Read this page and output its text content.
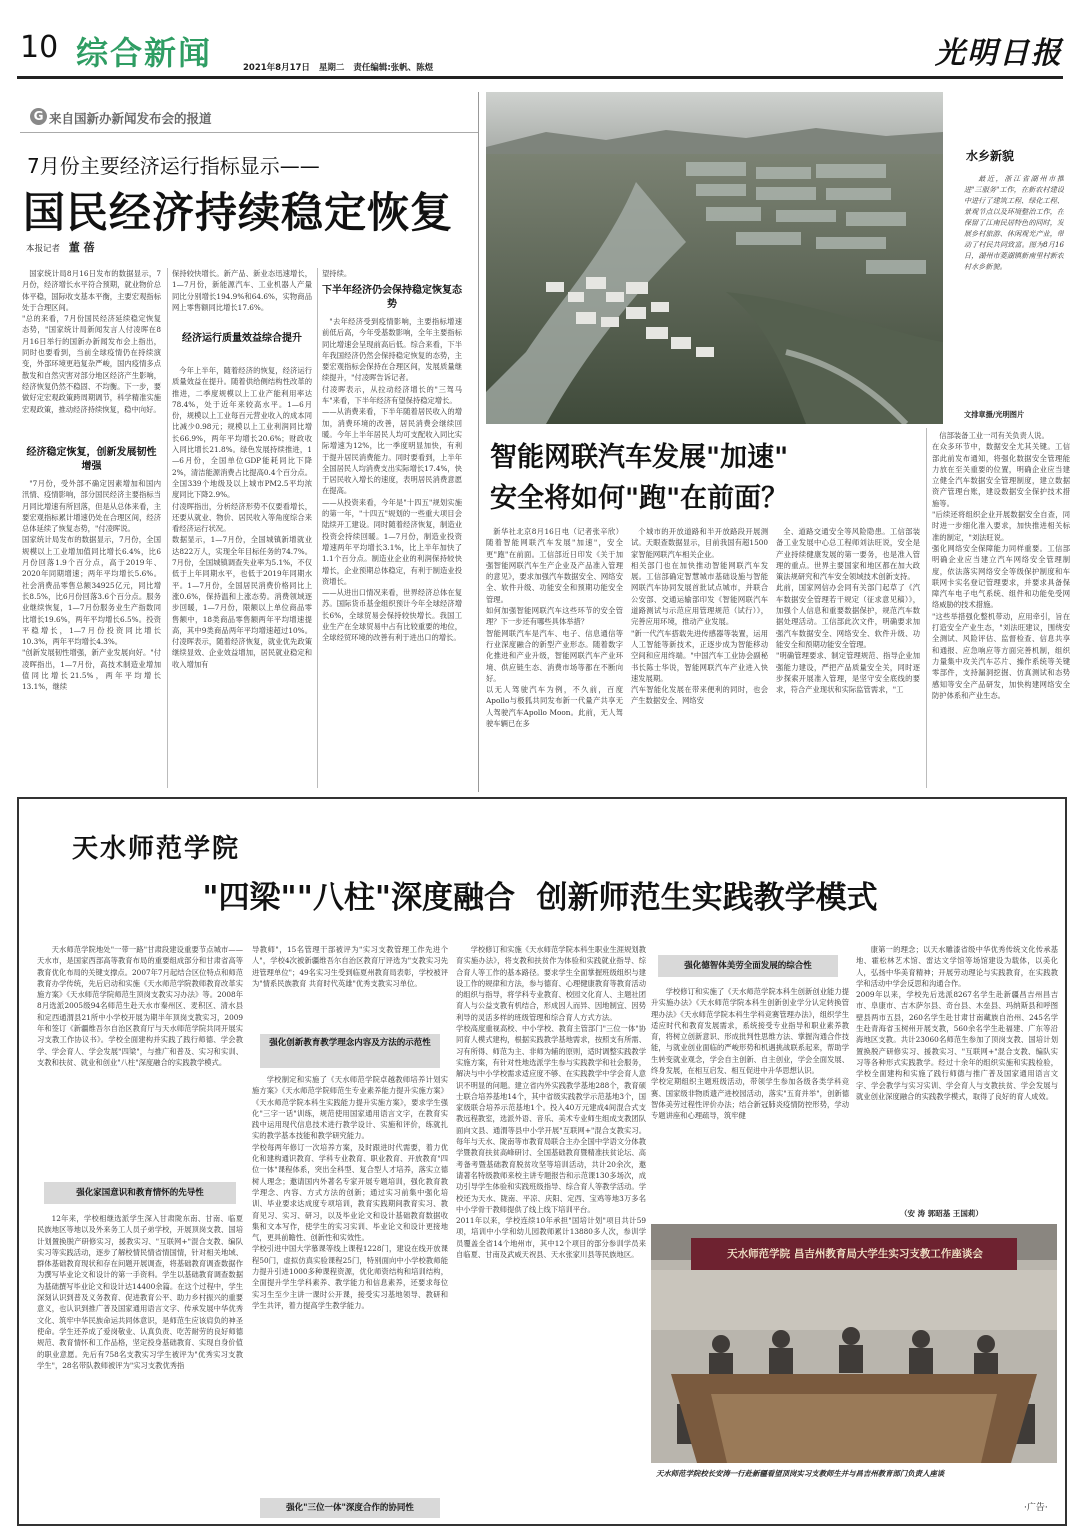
10 综合新闻	2021年8月17日 星期二 责任编辑:张帆、陈煜	光明日报
G 来自国新办新闻发布会的报道
7月份主要经济运行指标显示——
国民经济持续稳定恢复
本报记者 董 蓓
国家统计局8月16日发布的数据显示，7月份，经济增长水平符合预期，就业物价总体平稳，国际收支基本平衡，主要宏观指标处于合理区间。
"总的来看，7月份国民经济延续稳定恢复态势，"国家统计局新闻发言人付凌晖在8月16日举行的国新办新闻发布会上指出，同时也要看到，当前全球疫情仍在持续演变，外部环境更趋复杂严峻，国内疫情多点散发和自然灾害对部分地区经济产生影响，经济恢复仍然不稳固、不均衡。下一步，要做好定宏观政策跨周期调节，科学精准实施宏观政策，推动经济持续恢复，稳中向好。
经济稳定恢复，创新发展韧性增强
"7月份，受外部不确定因素增加和国内汛情、疫情影响，部分国民经济主要指标当月同比增速有所回落，但是从总体来看，主要宏观指标累计增速仍处在合理区间，经济总体延续了恢复态势，"付凌晖说。
国家统计局发布的数据显示，7月份，全国规模以上工业增加值同比增长6.4%，比6月份回落1.9个百分点，高于2019年、2020年同期增速；两年平均增长5.6%。社会消费品零售总额34925亿元，同比增长8.5%，比6月份回落3.6个百分点。服务业继续恢复，1—7月份服务业生产指数同比增长19.6%，两年平均增长6.5%。投资平稳增长，1—7月份投资同比增长10.3%，两年平均增长4.3%。
"创新发展韧性增强，新产业发展向好。"付凌晖指出，1—7月份，高技术制造业增加值同比增长21.5%，两年平均增长13.1%，继续
保持较快增长。新产品、新业态迅速增长，1—7月份，新能源汽车、工业机器人产量同比分别增长194.9%和64.6%，实物商品网上零售额同比增长17.6%。
经济运行质量效益综合提升
今年上半年，随着经济的恢复，经济运行质量效益在提升。随着供给侧结构性改革的推进，二季度规模以上工业产能利用率达78.4%，处于近年来较高水平。1—6月份，规模以上工业每百元营业收入的成本同比减少0.98元；规模以上工业利润同比增长66.9%，两年平均增长20.6%；财政收入同比增长21.8%。绿色发展持续推进，1—6月份，全国单位GDP能耗同比下降2%，清洁能源消费占比提高0.4个百分点。全国339个地级及以上城市PM2.5平均浓度同比下降2.9%。
付凌晖指出，分析经济形势不仅要看增长，还要从就业、物价、居民收入等角度综合来看经济运行状况。
数据显示，1—7月份，全国城镇新增就业达822万人，实现全年目标任务的74.7%。7月份，全国城镇调查失业率为5.1%，不仅低于上年同期水平，也低于2019年同期水平。1—7月份，全国居民消费价格同比上涨0.6%，保持温和上涨态势。消费领域逐步回暖，1—7月份，限额以上单位商品零售额中，18类商品零售额两年平均增速提高，其中9类商品两年平均增速超过10%。付凌晖表示，随着经济恢复，就业优先政策继续显效、企业效益增加，居民就业稳定和收入增加有
望持续。
下半年经济仍会保持稳定恢复态势
"去年经济受到疫情影响，主要指标增速前低后高，今年受基数影响，全年主要指标同比增速会呈现前高后低。综合来看，下半年我国经济仍然会保持稳定恢复的态势，主要宏观指标会保持在合理区间，发展质量继续提升，"付凌晖告诉记者。
付凌晖表示，从拉动经济增长的"三驾马车"来看，下半年经济有望保持稳定增长。
——从消费来看，下半年随着居民收入的增加，消费环境的改善，居民消费会继续回暖。今年上半年居民人均可支配收入同比实际增速为12%，比一季度明显加快，有利于提升居民消费能力。同时要看到，上半年全国居民人均消费支出实际增长17.4%，快于居民收入增长的速度，表明居民消费意愿在提高。
——从投资来看，今年是"十四五"规划实施的第一年，"十四五"规划的一些重大项目会陆续开工建设。同时随着经济恢复，制造业投资会持续回暖。1—7月份，制造业投资增速两年平均增长3.1%，比上半年加快了1.1个百分点。制造业企业的利润保持较快增长，企业预期总体稳定，有利于制造业投资增长。
——从进出口情况来看，世界经济总体在复苏。国际货币基金组织预计今年全球经济增长6%，全球贸易会保持较快增长。我国工业生产在全球贸易中占有比较重要的地位，全球经贸环境的改善有利于进出口的增长。
水乡新貌
最近，浙江省湖州市推进"三服务"工作，在新农村建设中进行了建筑工程、绿化工程、景观节点以及环境整治工作，在保留了江南民居特色的同时，发展乡村旅游、休闲观光产业，带动了村民共同致富。图为8月16日，湖州市菱湖镇新南里村新农村水乡新貌。
文排章摄/光明图片
信部装备工业一司有关负责人说。
在众多环节中，数据安全尤其关键。工信部此前发布通知，将强化数据安全管理能力放在至关重要的位置，明确企业应当建立健全汽车数据安全管理制度，建立数据资产管理台账，建设数据安全保护技术措施等。
"后续还将组织企业开展数据安全自查，同时进一步细化准入要求，加快推进相关标准的制定，"刘法旺说。
强化网络安全保障能力同样重要。工信部明确企业应当建立汽车网络安全管理制度，依法落实网络安全等级保护制度和车联网卡实名登记管理要求，并要求具备保障汽车电子电气系统、组件和功能免受网络威胁的技术措施。
"这些举措强化整机带动，应用牵引，旨在打造安全产业生态，"刘法旺建议，围绕安全测试、风险评估、监督检查、信息共享和通报、应急响应等方面完善机制，组织力量集中攻关汽车芯片、操作系统等关键零部件，支持漏洞挖掘、仿真测试和态势感知等安全产品研发，加快构建网络安全防护体系和产业生态。
智能网联汽车发展"加速"
安全将如何"跑"在前面？
新华社北京8月16日电（记者张辛欣）随着智能网联汽车发展"加速"，安全更"跑"在前面。工信部近日印发《关于加强智能网联汽车生产企业及产品准入管理的意见》，要求加强汽车数据安全、网络安全、软件升级、功能安全和预期功能安全管理。
如何加强智能网联汽车这些环节的安全管理？下一步还有哪些具体举措？
智能网联汽车是汽车、电子、信息通信等行业深度融合的新型产业形态。随着数字化推进和产业升级，智能网联汽车产业环境、供应链生态、消费市场等都在不断向好。
以无人驾驶汽车为例，不久前，百度Apollo与极狐共同发布新一代量产共享无人驾驶汽车Apollo Moon。此前，无人驾驶车辆已在多
个城市的开放道路和半开放路段开展测试。天眼查数据显示，目前我国有超1500家智能网联汽车相关企业。
相关部门也在加快推动智能网联汽车发展。工信部确定智慧城市基础设施与智能网联汽车协同发展首批试点城市，并联合公安部、交通运输部印发《智能网联汽车道路测试与示范应用管理规范（试行）》，完善应用环境，推动产业发展。
"新一代汽车搭载先进传感器等装置，运用人工智能等新技术，正逐步成为智能移动空间和应用终端。"中国汽车工业协会副秘书长陈士华说，智能网联汽车产业进入快速发展期。
汽车智能化发展在带来便利的同时，也会产生数据安全、网络安
全、道路交通安全等风险隐患。工信部装备工业发展中心总工程师刘法旺说，安全是产业持续健康发展的第一要务，也是准入管理的重点。世界主要国家和地区都在加大政策法规研究和汽车安全领域技术创新支持。
此前，国家网信办会同有关部门起草了《汽车数据安全管理若干规定（征求意见稿）》，加强个人信息和重要数据保护，规范汽车数据处理活动。工信部此次文件，明确要求加强汽车数据安全、网络安全、软件升级、功能安全和预期功能安全管理。
"明确管理要求、制定管理规范、指导企业加强能力建设，严把产品质量安全关，同时逐步探索开展准入管理，是坚守安全底线的要求，符合产业现状和实际监管需求，"工
天水师范学院
"四梁""八柱"深度融合  创新师范生实践教学模式
天水师范学院地处"一带一路"甘肃段建设重要节点城市——天水市，是国家西部高等教育布局的重要组成部分和甘肃省高等教育优化布局的关键支撑点。2007年7月起结合区位特点和师范教育办学传统，先后启动和实施《天水师范学院教师教育改革实施方案》《天水师范学院师范生顶岗支教实习办法》等。2008年8月选派2005级94名师范生赴天水市秦州区、麦积区、清水县和定西通渭县21所中小学校开展为期半年顶岗支教实习，2009年和签订《新疆维吾尔自治区教育厅与天水师范学院共同开展实习支教工作协议书》。学校全面建构并实践了践行师德、学会教学、学会育人、学会发展"四梁"，与推广和普及、实习和实训、支教和扶贫、就业和创业"八柱"深度融合的实践教学模式。
强化家国意识和教育情怀的先导性
12年来，学校相继选派学生深入甘肃陇东南、甘南、临夏民族地区等地以及外来务工人员子弟学校，开展顶岗支教、国培计划置换脱产研修实习，援教实习、"互联网+"混合支教、编队实习等实践活动，逐步了解校情民情省情国情，针对相关地域、群体基础教育现状和存在问题开展调查，将基础教育调查数据作为撰写毕业论文和设计的第一手资料。学生以基础教育调查数据为基础撰写毕业论文和设计达14400余篇。在这个过程中，学生深刻认识到普及义务教育、促进教育公平、助力乡村振兴的重要意义，也认识到推广普及国家通用语言文字、传承发展中华优秀文化、筑牢中华民族命运共同体意识，是师范生应该肩负的神圣使命。学生还养成了爱岗敬业、认真负责、吃苦耐劳的良好师德规范、教育情怀和工作品格，坚定投身基础教育、实现自身价值的职业意愿。先后有758名支教实习学生被评为"优秀实习支教学生"，28名带队教师被评为"实习支教优秀指
导教师"，15名管理干部被评为"实习支教管理工作先进个人"，学校4次被新疆维吾尔自治区教育厅评选为"支教实习先进管理单位"；49名实习生受到临夏州教育局表彰，学校被评为"情系民族教育 共育时代英雄"优秀支教实习单位。
强化创新教育教学理念内容及方法的示范性
学校制定和实施了《天水师范学院卓越教师培养计划实施方案》《天水师范学院师范生专业素养能力提升实施方案》《天水师范学院本科生实践能力提升实施方案》，要求学生强化"三字一话"训练，规范使用国家通用语言文字，在教育实践中运用现代信息技术进行教学设计、实施和评价，练就扎实的教学基本技能和教学研究能力。
学校每两年修订一次培养方案，及时跟进时代需要，着力优化和建构通识教育、学科专业教育、职业教育、开放教育"四位一体"课程体系，突出全科型、复合型人才培养，落实立德树人理念；邀请国内外著名专家开展专题培训，强化教育教学理念、内容、方式方法的创新；通过实习前集中强化培训、毕业要求达成度专项培训，教育实践期间教育实习、教育见习、实习、研习，以及毕业论文和设计基础教育数据收集和文本写作，使学生的实习实训、毕业论文和设计更接地气，更具前瞻性、创新性和实效性。
学校引进中国大学慕课等线上课程1228门，建设在线开放课程50门，虚拟仿真实验课程25门，特别面向中小学校教师能力提升引进1000多种课程资源，优化师资结构和培训结构，全面提升学生学科素养、教学能力和信息素养，还要求每位实习生至少主讲一课时公开课，接受实习基地领导、教研和学生共评，着力提高学生教学能力。
强化"三位一体"深度合作的协同性
学校修订和实施《天水师范学院本科生职业生涯规划教育实施办法》，将支教和扶贫作为体验和实践就业指导、综合育人等工作的基本路径。要求学生全面掌握班级组织与建设工作的规律和方法，参与德育、心理健康教育等教育活动的组织与指导，将学科专业教育、校园文化育人、主题社团育人与公益支教有机结合，形成因人而异、因地制宜、因势利导的灵活多样的班级管理和综合育人方式方法。
学校高度重视高校、中小学校、教育主管部门"三位一体"协同育人模式建构，根据实践教学基地需求，按照支有所需、习有所得、师范为主、非师为辅的原则，适时调整实践教学实施方案，有针对性地选派学生参与实践教学和社会服务，解决与中小学校需求适应度不够、在实践教学中学会育人意识不明显的问题。建立省内外实践教学基地288个，教育硕士联合培养基地14个，其中省级实践教学示范基地3个，国家级联合培养示范基地1个。投入40万元建成4间混合式支教远程教室，选派外语、音乐、美术专业师生组成支教团队面向文县、通渭等县中小学开展"互联网+"混合支教实习。每年与天水、陇南等市教育局联合主办全国中学语文分体教学暨教育扶贫高峰研讨、全国基础教育暨精准扶贫论坛、高考备考暨基础教育脱贫攻坚等培训活动，共计20余次，邀请著名特级教师来校主讲专题报告和示范课130多场次，成功引导学生体验和实践班级指导、综合育人等教学活动。学校还为天水、陇南、平凉、庆阳、定西、宝鸡等地3万多名中小学骨干教师提供了线上线下培训平台。
2011年以来，学校连续10年承担"国培计划"项目共计59项，培训中小学和幼儿园教师累计13880多人次，参训学员覆盖全省14个地州市，其中12个项目的部分参训学员来自临夏、甘南及武威天祝县、天水张家川县等民族地区。
强化德智体美劳全面发展的综合性
学校修订和实施了《天水师范学院本科生创新创业能力提升实施办法》《天水师范学院本科生创新创业学分认定转换管理办法》《天水师范学院本科生学科竞赛管理办法》，组织学生适应时代和教育发展需求，系统接受专业指导和职业素养教育，将树立创新意识、形成批判性思维方法、掌握沟通合作技能，与就业创业面临的严峻形势和机遇挑战联系起来，帮助学生转变就业观念，学会自主创新、自主创业，学会全面发展、终身发展，在相互启发、相互促进中升华思想认识。
学校定期组织主题班级活动，带领学生参加各级各类学科竞赛、国家级非物质遗产进校园活动，落实"五育并举"，创新德智体美劳过程性评价办法；结合新冠肺炎疫情防控形势，学动专题讲座和心理疏导，筑牢健
康第一的理念；以天水雕漆省级中华优秀传统文化传承基地、霍松林艺术馆、雷达文学馆等场馆建设为载体，以美化人，弘扬中华美育精神；开展劳动理论与实践教育，在实践教学和活动中学会反思和沟通合作。
2009年以来，学校先后选派8267名学生赴新疆昌吉州昌吉市、阜康市、吉木萨尔县、奇台县、木垒县、玛纳斯县和呼图壁县两市五县，260名学生赴甘肃甘南藏族自治州、245名学生赴青海省玉树州开展支教，560余名学生赴福建、广东等沿海地区支教。共计23060名师范生参加了顶岗支教、国培计划置换脱产研修实习、援教实习、"互联网+"混合支教、编队实习等各种形式实践教学。经过十余年的组织实施和实践检验，学校全面建构和实施了践行师德与推广普及国家通用语言文字、学会教学与实习实训、学会育人与支教扶贫、学会发展与就业创业深度融合的实践教学模式，取得了良好的育人成效。
（安 涛 郭昭基 王国莉）
天水师范学院 昌吉州教育局大学生实习支教工作座谈会
天水师范学院校长安涛一行赴新疆看望顶岗实习支教师生并与昌吉州教育部门负责人座谈
·广告·
